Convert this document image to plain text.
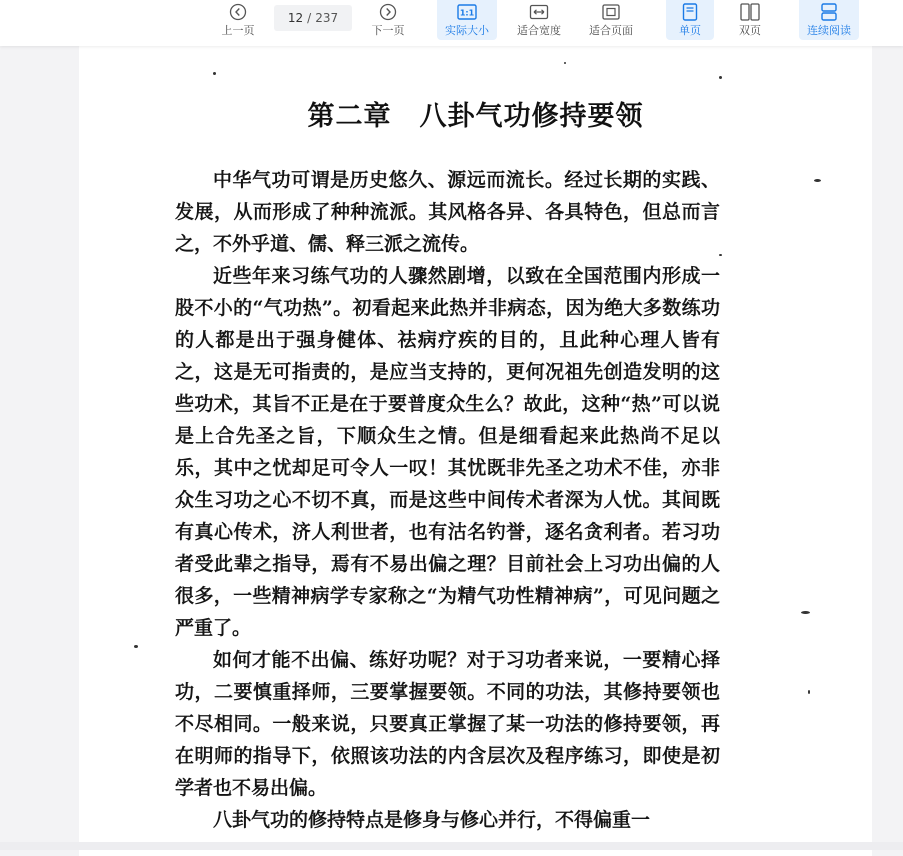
上一页
12 / 237
下一页
1:1
实际大小	适合宽度	适合页面	单页	双页	连续阅读
第二章　八卦气功修持要领

中华气功可谓是历史悠久、源远而流长。经过长期的实践、发展，从而形成了种种流派。其风格各异、各具特色，但总而言之，不外乎道、儒、释三派之流传。

近些年来习练气功的人骤然剧增，以致在全国范围内形成一股不小的“气功热”。初看起来此热并非病态，因为绝大多数练功的人都是出于强身健体、祛病疗疾的目的，且此种心理人皆有之，这是无可指责的，是应当支持的，更何况祖先创造发明的这些功术，其旨不正是在于要普度众生么？故此，这种“热”可以说是上合先圣之旨，下顺众生之情。但是细看起来此热尚不足以乐，其中之忧却足可令人一叹！其忧既非先圣之功术不佳，亦非众生习功之心不切不真，而是这些中间传术者深为人忧。其间既有真心传术，济人利世者，也有沽名钓誉，逐名贪利者。若习功者受此辈之指导，焉有不易出偏之理？目前社会上习功出偏的人很多，一些精神病学专家称之“为精气功性精神病”，可见问题之严重了。

如何才能不出偏、练好功呢？对于习功者来说，一要精心择功，二要慎重择师，三要掌握要领。不同的功法，其修持要领也不尽相同。一般来说，只要真正掌握了某一功法的修持要领，再在明师的指导下，依照该功法的内含层次及程序练习，即使是初学者也不易出偏。

八卦气功的修持特点是修身与修心并行，不得偏重一
